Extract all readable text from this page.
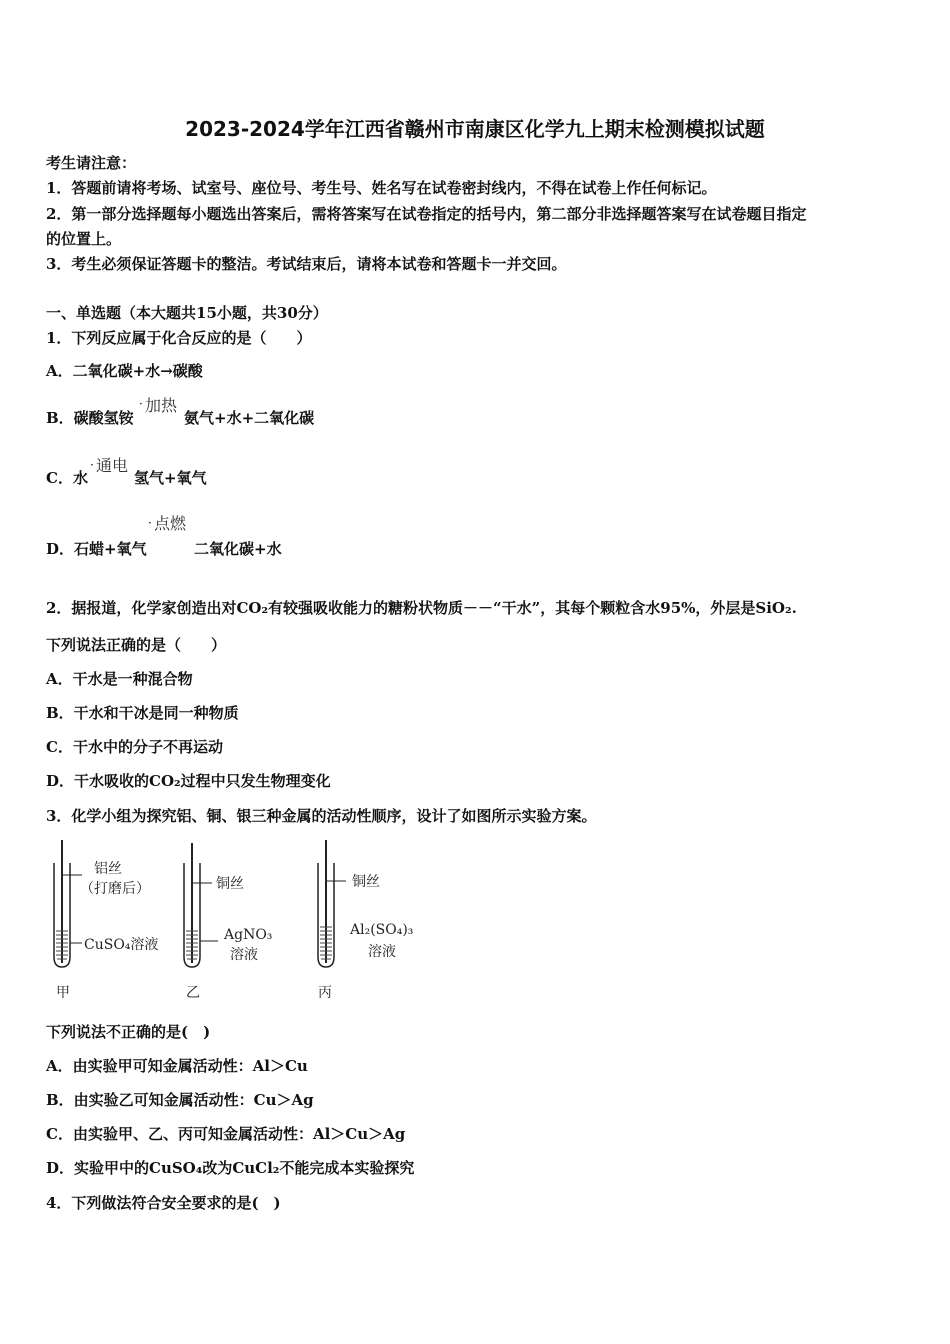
2023-2024学年江西省赣州市南康区化学九上期末检测模拟试题
考生请注意：
1．答题前请将考场、试室号、座位号、考生号、姓名写在试卷密封线内，不得在试卷上作任何标记。
2．第一部分选择题每小题选出答案后，需将答案写在试卷指定的括号内，第二部分非选择题答案写在试卷题目指定
的位置上。
3．考生必须保证答题卡的整洁。考试结束后，请将本试卷和答题卡一并交回。
一、单选题（本大题共15小题，共30分）
1．下列反应属于化合反应的是（　　）
A．二氧化碳+水→碳酸
B．碳酸氢铵
· 加热
氨气+水+二氧化碳
C．水
· 通电
氢气+氧气
· 点燃
D．石蜡+氧气	二氧化碳+水
2．据报道，化学家创造出对CO₂有较强吸收能力的糖粉状物质－－“干水”，其每个颗粒含水95%，外层是SiO₂.
下列说法正确的是（　　）
A．干水是一种混合物
B．干水和干冰是同一种物质
C．干水中的分子不再运动
D．干水吸收的CO₂过程中只发生物理变化
3．化学小组为探究铝、铜、银三种金属的活动性顺序，设计了如图所示实验方案。
铝丝
（打磨后）
CuSO₄溶液
甲
铜丝
AgNO₃
溶液
乙
铜丝
Al₂(SO₄)₃
溶液
丙
下列说法不正确的是(　)
A．由实验甲可知金属活动性：Al＞Cu
B．由实验乙可知金属活动性：Cu＞Ag
C．由实验甲、乙、丙可知金属活动性：Al＞Cu＞Ag
D．实验甲中的CuSO₄改为CuCl₂不能完成本实验探究
4．下列做法符合安全要求的是(　)
